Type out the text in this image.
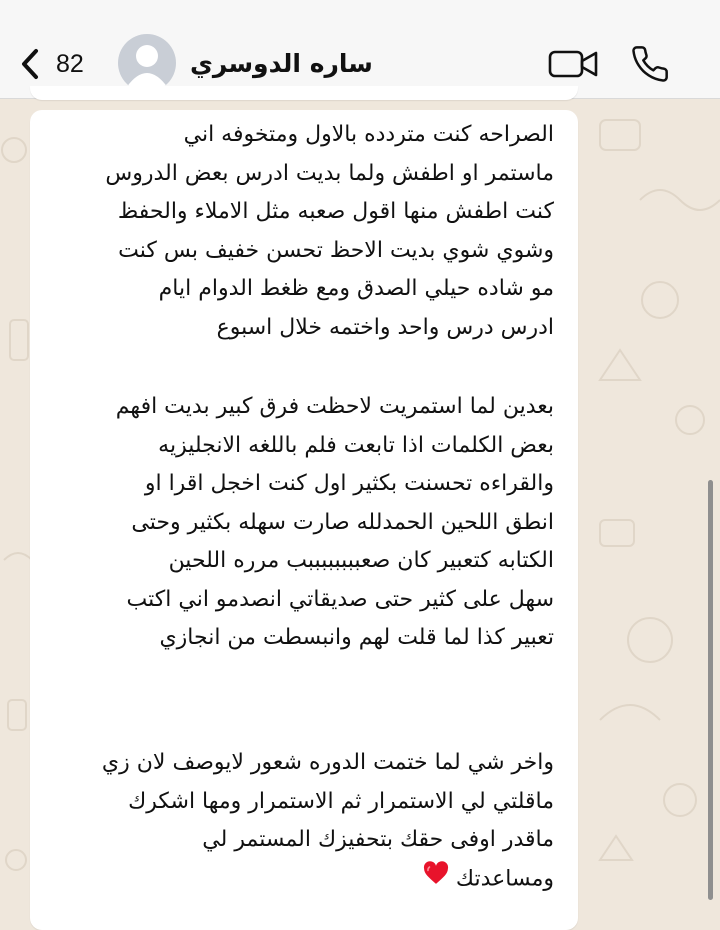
82	ساره الدوسري
الصراحه كنت متردده بالاول ومتخوفه اني
ماستمر او اطفش ولما بديت ادرس بعض الدروس
كنت اطفش منها اقول صعبه مثل الاملاء والحفظ
وشوي شوي بديت الاحظ تحسن خفيف بس كنت
مو شاده حيلي الصدق ومع ظغط الدوام ايام
ادرس درس واحد واختمه خلال اسبوع
بعدين لما استمريت لاحظت فرق كبير بديت افهم
بعض الكلمات اذا تابعت فلم باللغه الانجليزيه
والقراءه تحسنت بكثير اول كنت اخجل اقرا او
انطق اللحين الحمدلله صارت سهله بكثير وحتى
الكتابه كتعبير كان صعببببببببب مرره اللحين
سهل على كثير حتى صديقاتي انصدمو اني اكتب
تعبير كذا لما قلت لهم وانبسطت من انجازي
واخر شي لما ختمت الدوره شعور لايوصف لان زي
ماقلتي لي الاستمرار ثم الاستمرار ومها اشكرك
ماقدر اوفى حقك بتحفيزك المستمر لي
ومساعدتك
